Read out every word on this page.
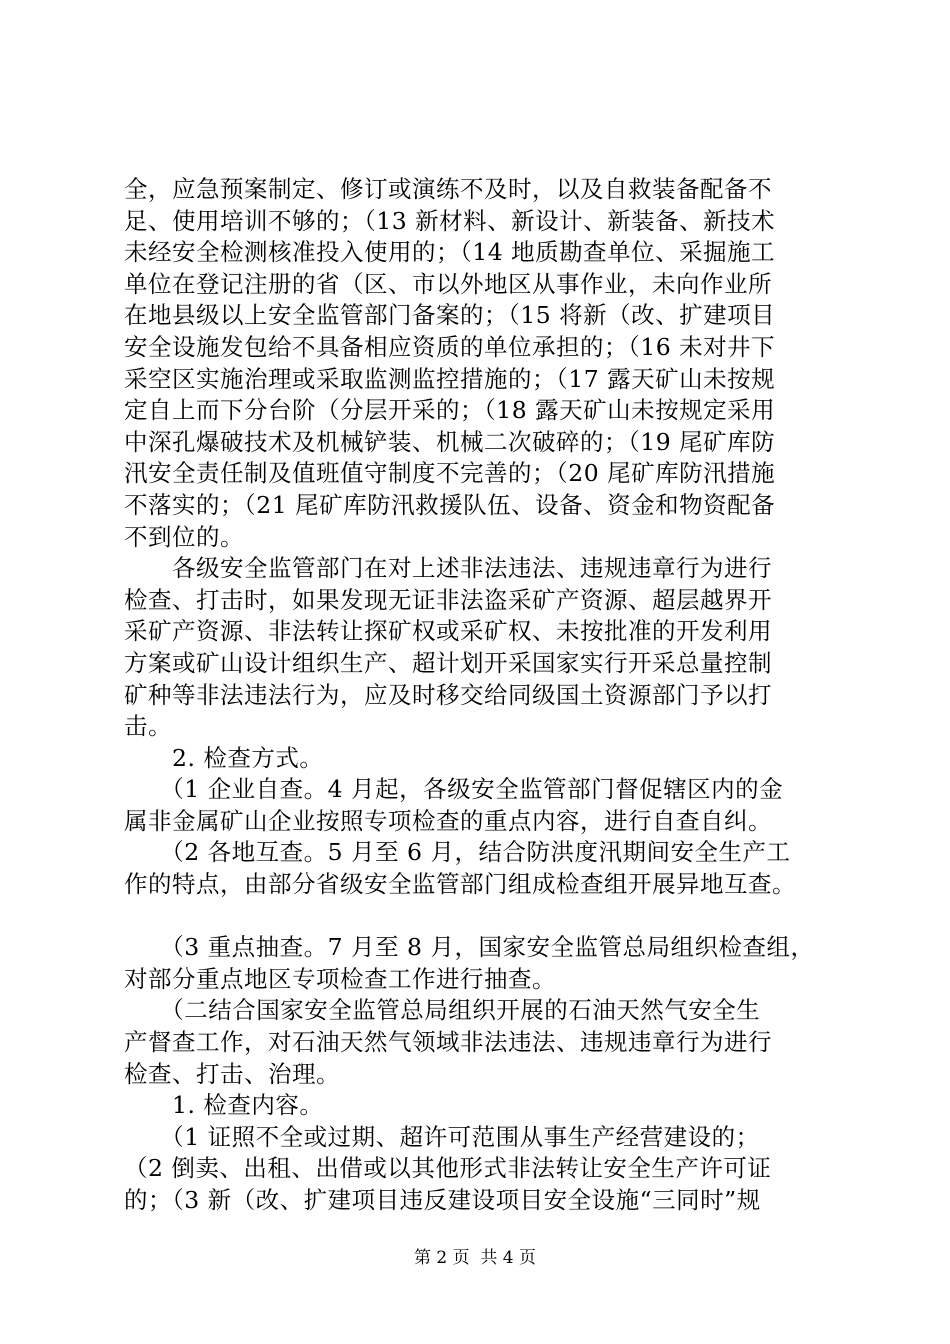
全，应急预案制定、修订或演练不及时，以及自救装备配备不
足、使用培训不够的；（13 新材料、新设计、新装备、新技术
未经安全检测核准投入使用的；（14 地质勘查单位、采掘施工
单位在登记注册的省（区、市以外地区从事作业，未向作业所
在地县级以上安全监管部门备案的；（15 将新（改、扩建项目
安全设施发包给不具备相应资质的单位承担的；（16 未对井下
采空区实施治理或采取监测监控措施的；（17 露天矿山未按规
定自上而下分台阶（分层开采的；（18 露天矿山未按规定采用
中深孔爆破技术及机械铲装、机械二次破碎的；（19 尾矿库防
汛安全责任制及值班值守制度不完善的；（20 尾矿库防汛措施
不落实的；（21 尾矿库防汛救援队伍、设备、资金和物资配备
不到位的。
　　各级安全监管部门在对上述非法违法、违规违章行为进行
检查、打击时，如果发现无证非法盗采矿产资源、超层越界开
采矿产资源、非法转让探矿权或采矿权、未按批准的开发利用
方案或矿山设计组织生产、超计划开采国家实行开采总量控制
矿种等非法违法行为，应及时移交给同级国土资源部门予以打
击。
　　2. 检查方式。
　　（1 企业自查。4 月起，各级安全监管部门督促辖区内的金
属非金属矿山企业按照专项检查的重点内容，进行自查自纠。
　　（2 各地互查。5 月至 6 月，结合防洪度汛期间安全生产工
作的特点，由部分省级安全监管部门组成检查组开展异地互查。
　　（3 重点抽查。7 月至 8 月，国家安全监管总局组织检查组，
对部分重点地区专项检查工作进行抽查。
　　（二结合国家安全监管总局组织开展的石油天然气安全生
产督查工作，对石油天然气领域非法违法、违规违章行为进行
检查、打击、治理。
　　1. 检查内容。
　　（1 证照不全或过期、超许可范围从事生产经营建设的；
（2 倒卖、出租、出借或以其他形式非法转让安全生产许可证
的；（3 新（改、扩建项目违反建设项目安全设施“三同时”规
第 2 页  共 4 页
